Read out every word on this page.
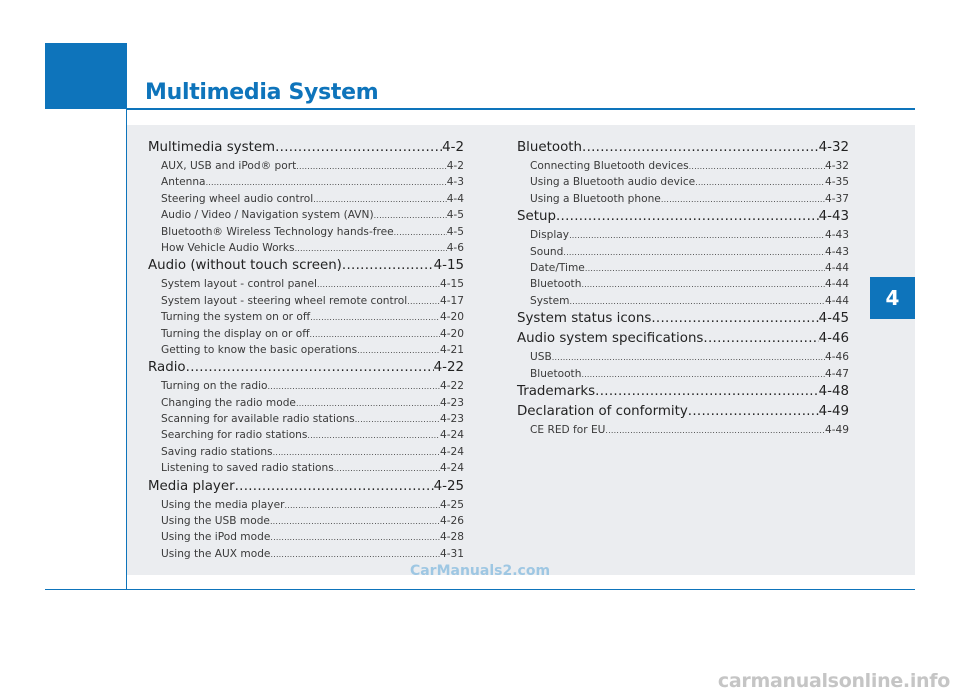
Multimedia System
Multimedia system .....	4-2
AUX, USB and iPod® port .....	4-2
Antenna .....	4-3
Steering wheel audio control .....	4-4
Audio / Video / Navigation system (AVN) .....	4-5
Bluetooth® Wireless Technology hands-free .....	4-5
How Vehicle Audio Works .....	4-6
Audio (without touch screen) .....	4-15
System layout - control panel .....	4-15
System layout - steering wheel remote control .....	4-17
Turning the system on or off .....	4-20
Turning the display on or off .....	4-20
Getting to know the basic operations .....	4-21
Radio .....	4-22
Turning on the radio .....	4-22
Changing the radio mode .....	4-23
Scanning for available radio stations .....	4-23
Searching for radio stations .....	4-24
Saving radio stations .....	4-24
Listening to saved radio stations .....	4-24
Media player .....	4-25
Using the media player .....	4-25
Using the USB mode .....	4-26
Using the iPod mode .....	4-28
Using the AUX mode .....	4-31
Bluetooth .....	4-32
Connecting Bluetooth devices .....	4-32
Using a Bluetooth audio device .....	4-35
Using a Bluetooth phone .....	4-37
Setup .....	4-43
Display .....	4-43
Sound .....	4-43
Date/Time .....	4-44
Bluetooth .....	4-44
System .....	4-44
System status icons .....	4-45
Audio system specifications .....	4-46
USB .....	4-46
Bluetooth .....	4-47
Trademarks .....	4-48
Declaration of conformity .....	4-49
CE RED for EU .....	4-49
4
CarManuals2.com
carmanualsonline.info
